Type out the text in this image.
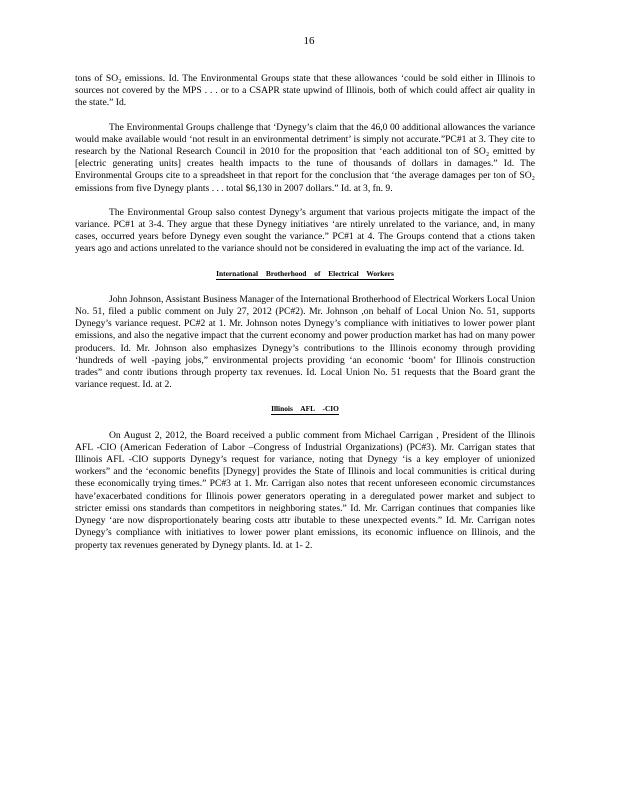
16

tons of SO₂ emissions. Id. The Environmental Groups state that these allowances ‘could be sold either in Illinois to sources not covered by the MPS . . . or to a CSAPR state upwind of Illinois, both of which could affect air quality in the state.” Id.

The Environmental Groups challenge that ‘Dynegy’s claim that the 46,0 00 additional allowances the variance would make available would ‘not result in an environmental detriment’ is simply not accurate.”PC#1 at 3. They cite to research by the National Research Council in 2010 for the proposition that ‘each additional ton of SO₂ emitted by [electric generating units] creates health impacts to the tune of thousands of dollars in damages.” Id. The Environmental Groups cite to a spreadsheet in that report for the conclusion that ‘the average damages per ton of SO₂ emissions from five Dynegy plants . . . total $6,130 in 2007 dollars.” Id. at 3, fn. 9.

The Environmental Group salso contest Dynegy’s argument that various projects mitigate the impact of the variance. PC#1 at 3-4. They argue that these Dynegy initiatives ‘are ntirely unrelated to the variance, and, in many cases, occurred years before Dynegy even sought the variance.” PC#1 at 4. The Groups contend that a ctions taken years ago and actions unrelated to the variance should not be considered in evaluating the imp act of the variance. Id.

International Brotherhood of Electrical Workers

John Johnson, Assistant Business Manager of the International Brotherhood of Electrical Workers Local Union No. 51, filed a public comment on July 27, 2012 (PC#2). Mr. Johnson ,on behalf of Local Union No. 51, supports Dynegy’s variance request. PC#2 at 1. Mr. Johnson notes Dynegy’s compliance with initiatives to lower power plant emissions, and also the negative impact that the current economy and power production market has had on many power producers. Id. Mr. Johnson also emphasizes Dynegy’s contributions to the Illinois economy through providing ‘hundreds of well -paying jobs,” environmental projects providing ‘an economic ‘boom’ for Illinois construction trades” and contr ibutions through property tax revenues. Id. Local Union No. 51 requests that the Board grant the variance request. Id. at 2.

Illinois AFL -CIO

On August 2, 2012, the Board received a public comment from Michael Carrigan , President of the Illinois AFL -CIO (American Federation of Labor –Congress of Industrial Organizations) (PC#3). Mr. Carrigan states that Illinois AFL -CIO supports Dynegy’s request for variance, noting that Dynegy ‘is a key employer of unionized workers” and the ‘economic benefits [Dynegy] provides the State of Illinois and local communities is critical during these economically trying times.” PC#3 at 1. Mr. Carrigan also notes that recent unforeseen economic circumstances have’exacerbated conditions for Illinois power generators operating in a deregulated power market and subject to stricter emissi ons standards than competitors in neighboring states.” Id. Mr. Carrigan continues that companies like Dynegy ‘are now disproportionately bearing costs attr ibutable to these unexpected events.” Id. Mr. Carrigan notes Dynegy’s compliance with initiatives to lower power plant emissions, its economic influence on Illinois, and the property tax revenues generated by Dynegy plants. Id. at 1- 2.
